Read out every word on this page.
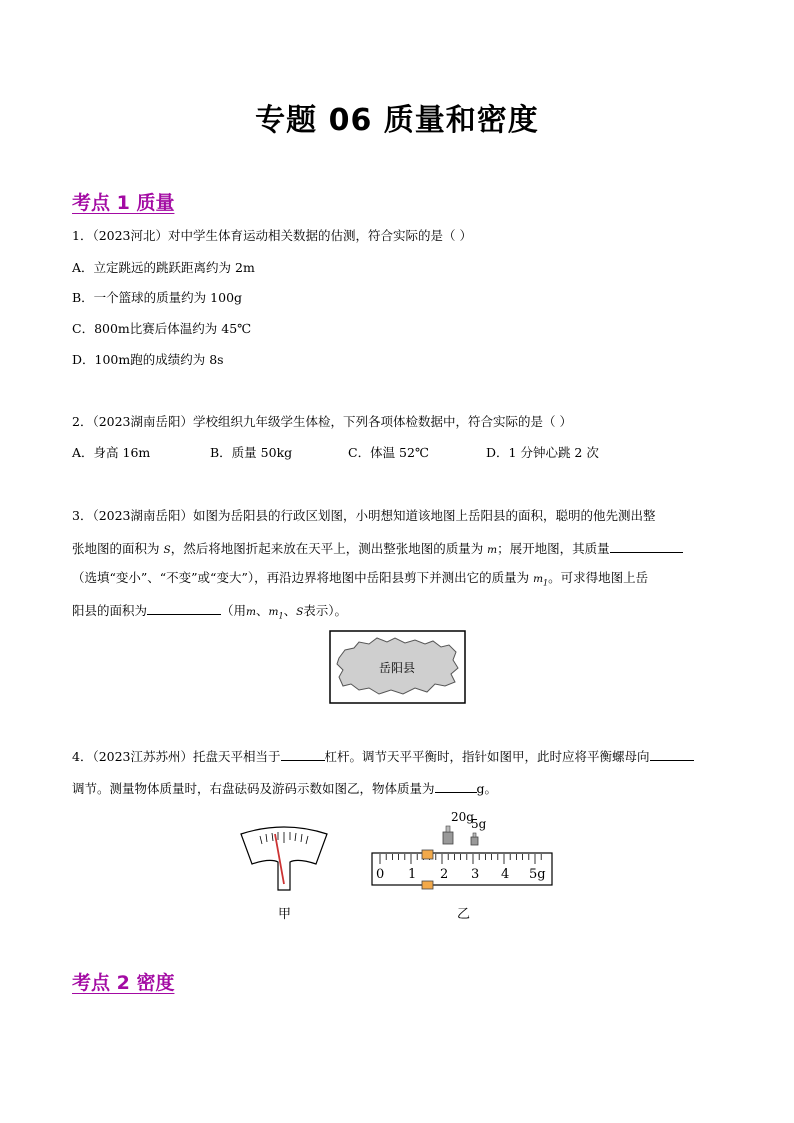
专题 06 质量和密度
考点 1 质量
1．（2023河北）对中学生体育运动相关数据的估测，符合实际的是（ ）
A．立定跳远的跳跃距离约为 2m
B．一个篮球的质量约为 100g
C．800m比赛后体温约为 45℃
D．100m跑的成绩约为 8s
2．（2023湖南岳阳）学校组织九年级学生体检，下列各项体检数据中，符合实际的是（ ）
A．身高 16m	B．质量 50kg	C．体温 52℃	D．1 分钟心跳 2 次
3．（2023湖南岳阳）如图为岳阳县的行政区划图，小明想知道该地图上岳阳县的面积，聪明的他先测出整
张地图的面积为 S，然后将地图折起来放在天平上，测出整张地图的质量为 m；展开地图，其质量
（选填“变小”、“不变”或“变大”），再沿边界将地图中岳阳县剪下并测出它的质量为 $m_1$。可求得地图上岳
阳县的面积为	（用m、$m_1$、S表示）。
岳阳县
4．（2023江苏苏州）托盘天平相当于	杠杆。调节天平平衡时，指针如图甲，此时应将平衡螺母向
调节。测量物体质量时，右盘砝码及游码示数如图乙，物体质量为	g。
甲
20g
5g
0 1 2 3 4 5g
乙
考点 2 密度
